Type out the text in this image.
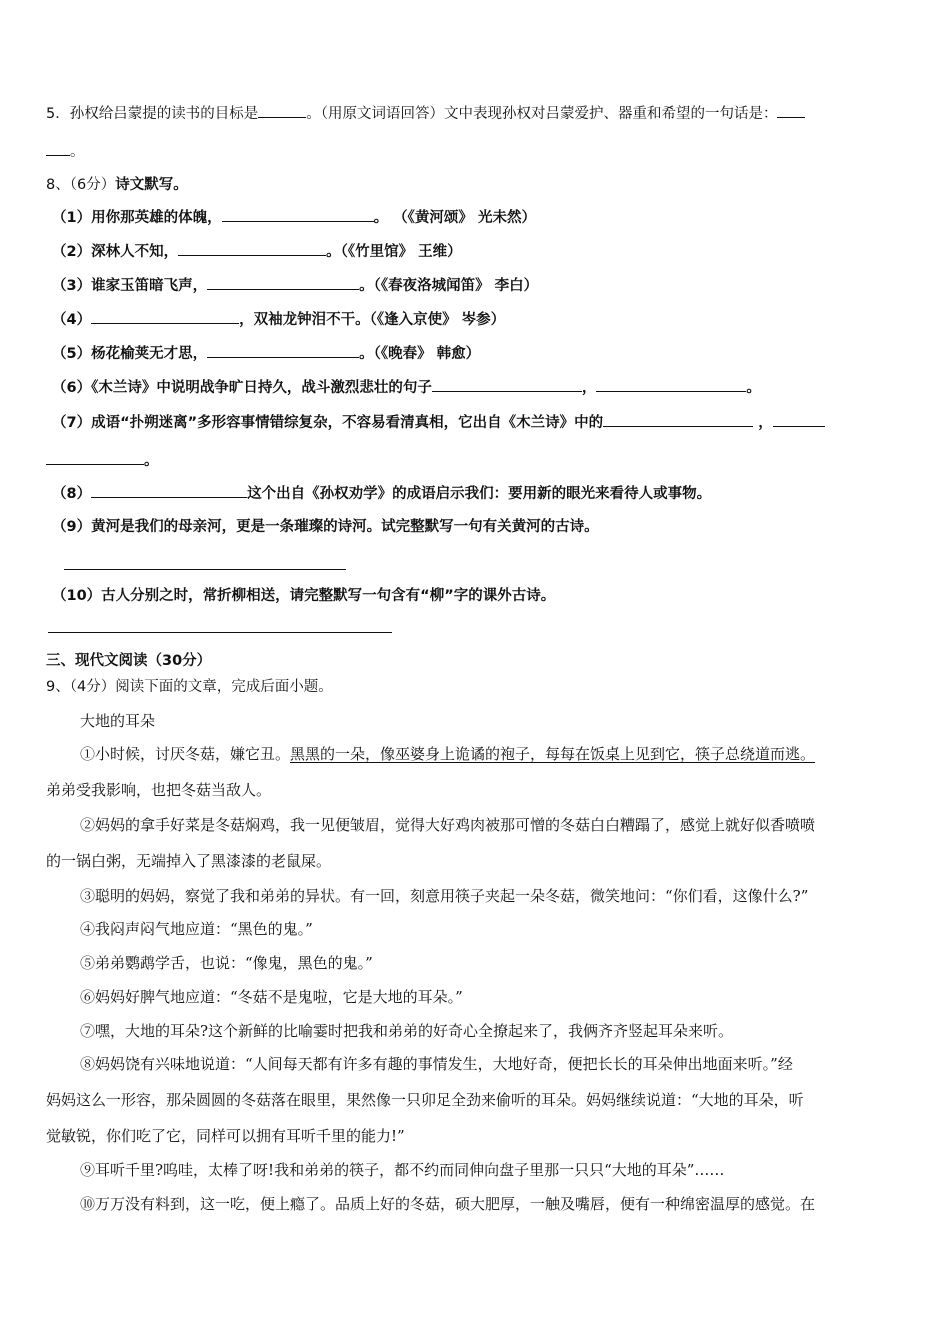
5．孙权给吕蒙提的读书的目标是	。（用原文词语回答）文中表现孙权对吕蒙爱护、器重和希望的一句话是：
。
8、（6分）诗文默写。
（1）用你那英雄的体魄，	。 （《黄河颂》 光未然）
（2）深林人不知，	。（《竹里馆》 王维）
（3）谁家玉笛暗飞声，	。（《春夜洛城闻笛》 李白）
（4）	，双袖龙钟泪不干。（《逢入京使》 岑参）
（5）杨花榆荚无才思，	。（《晚春》 韩愈）
（6）《木兰诗》中说明战争旷日持久，战斗激烈悲壮的句子	，	。
（7）成语“扑朔迷离”多形容事情错综复杂，不容易看清真相，它出自《木兰诗》中的	，
。
（8）	这个出自《孙权劝学》的成语启示我们：要用新的眼光来看待人或事物。
（9）黄河是我们的母亲河，更是一条璀璨的诗河。试完整默写一句有关黄河的古诗。
（10）古人分别之时，常折柳相送，请完整默写一句含有“柳”字的课外古诗。
三、现代文阅读（30分）
9、（4分）阅读下面的文章，完成后面小题。
大地的耳朵
①小时候，讨厌冬菇，嫌它丑。黑黑的一朵，像巫婆身上诡谲的袍子，每每在饭桌上见到它，筷子总绕道而逃。
弟弟受我影响，也把冬菇当敌人。
②妈妈的拿手好菜是冬菇焖鸡，我一见便皱眉，觉得大好鸡肉被那可憎的冬菇白白糟蹋了，感觉上就好似香喷喷
的一锅白粥，无端掉入了黑漆漆的老鼠屎。
③聪明的妈妈，察觉了我和弟弟的异状。有一回，刻意用筷子夹起一朵冬菇，微笑地问：“你们看，这像什么?”
④我闷声闷气地应道：“黑色的鬼。”
⑤弟弟鹦鹉学舌，也说：“像鬼，黑色的鬼。”
⑥妈妈好脾气地应道：“冬菇不是鬼啦，它是大地的耳朵。”
⑦嘿，大地的耳朵?这个新鲜的比喻霎时把我和弟弟的好奇心全撩起来了，我俩齐齐竖起耳朵来听。
⑧妈妈饶有兴味地说道：“人间每天都有许多有趣的事情发生，大地好奇，便把长长的耳朵伸出地面来听。”经
妈妈这么一形容，那朵圆圆的冬菇落在眼里，果然像一只卯足全劲来偷听的耳朵。妈妈继续说道：“大地的耳朵，听
觉敏锐，你们吃了它，同样可以拥有耳听千里的能力!”
⑨耳听千里?呜哇，太棒了呀!我和弟弟的筷子，都不约而同伸向盘子里那一只只“大地的耳朵”……
⑩万万没有料到，这一吃，便上瘾了。品质上好的冬菇，硕大肥厚，一触及嘴唇，便有一种绵密温厚的感觉。在
